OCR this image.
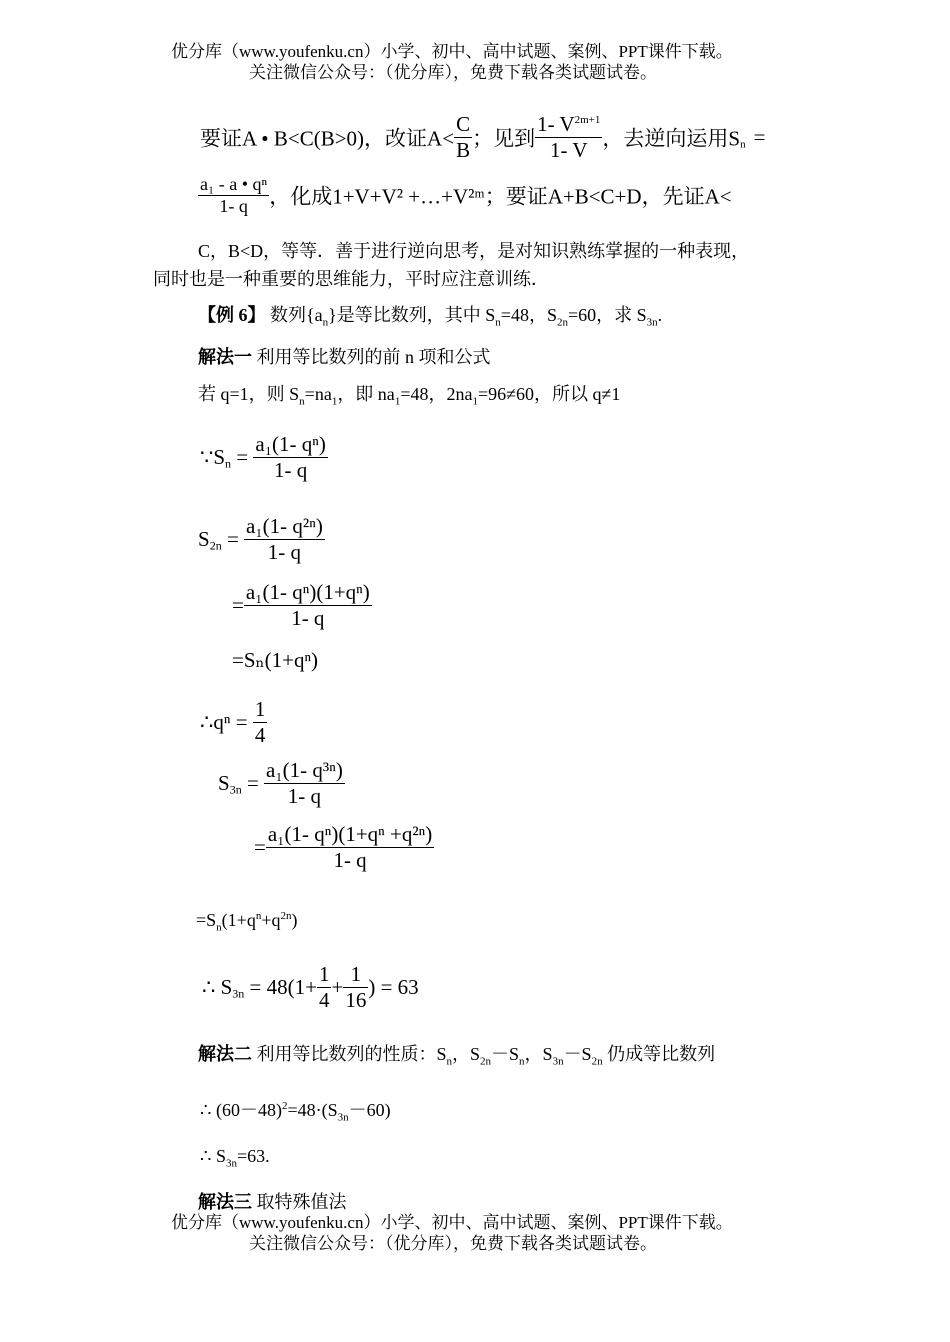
优分库（www.youfenku.cn）小学、初中、高中试题、案例、PPT课件下载。
关注微信公众号：（优分库），免费下载各类试题试卷。
要证A • B<C(B>0)，改证$A< \frac{C}{B}$ ；见到 $\frac{1- V^{2m+1}}{1- V}$ ，去逆向运用$S_n$ =
$\frac{\text{a₁ - a • qⁿ}}{1- q}$ ，化成1+V+V² +…+V²ᵐ；要证A+B<C+D，先证A<
C，B<D，等等．善于进行逆向思考，是对知识熟练掌握的一种表现，
同时也是一种重要的思维能力，平时应注意训练．
【例 6】 数列$\{a_n\}$是等比数列，其中 $S_n=48$，$S_{2n}=60$，求 $S_{3n}$.
解法一 利用等比数列的前 n 项和公式
若 q=1，则 $S_n=na_1$，即 $na_1=48$，$2na_1=96\ne 60$，所以 q≠1
$\because S_n = \frac{\text{a₁(1- qⁿ)}}{1- q}$
$S_{2n} = \frac{\text{a₁(1- q²ⁿ)}}{1- q}$
= $\frac{\text{a₁(1- qⁿ)(1+qⁿ)}}{1- q}$
=Sₙ(1+qⁿ)
∴qⁿ = $\frac{1}{4}$
$S_{3n} = \frac{\text{a₁(1- q³ⁿ)}}{1- q}$
= $\frac{\text{a₁(1- qⁿ)(1+qⁿ +q²ⁿ)}}{1- q}$
$=S_n(1+q^n+q^{2n})$
∴ $S_{3n} = 48(1+ \frac{1}{4} + \frac{1}{16}$ ) = 63
解法二 利用等比数列的性质：$S_n$，$S_{2n}-S_n$，$S_{3n}-S_{2n}$ 仍成等比数列
∴ $(60-48)^2=48\cdot(S_{3n}-60)$
∴ $S_{3n}=63$.
解法三 取特殊值法
优分库（www.youfenku.cn）小学、初中、高中试题、案例、PPT课件下载。
关注微信公众号：（优分库），免费下载各类试题试卷。
